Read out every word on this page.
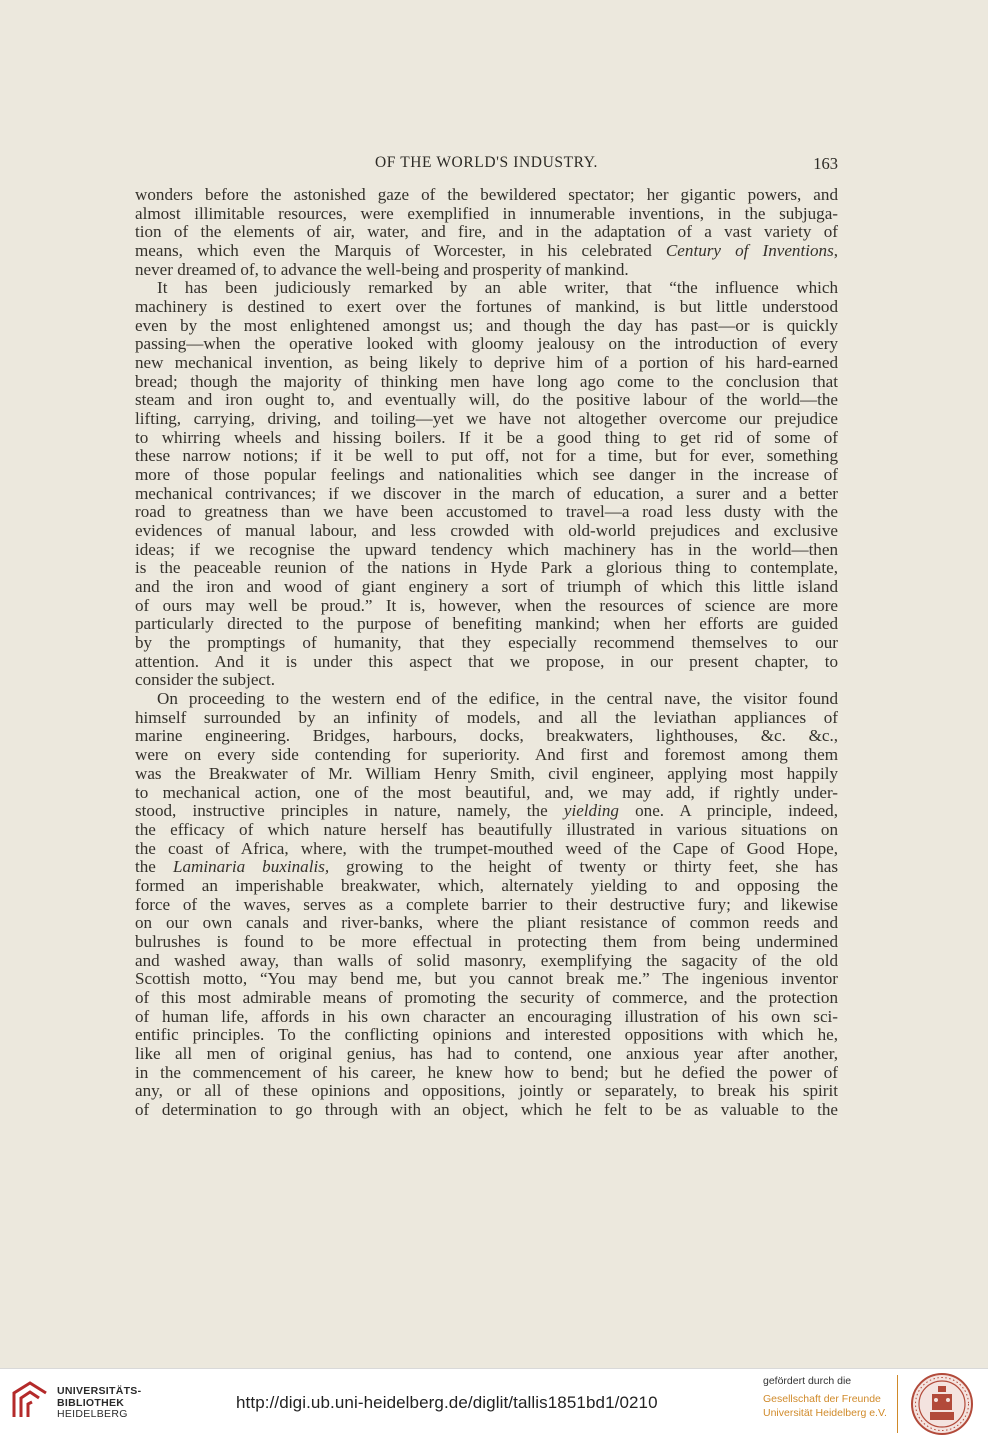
OF THE WORLD'S INDUSTRY.	163
wonders before the astonished gaze of the bewildered spectator; her gigantic powers, and
almost illimitable resources, were exemplified in innumerable inventions, in the subjuga-
tion of the elements of air, water, and fire, and in the adaptation of a vast variety of
means, which even the Marquis of Worcester, in his celebrated Century of Inventions,
never dreamed of, to advance the well-being and prosperity of mankind.
It has been judiciously remarked by an able writer, that “the influence which
machinery is destined to exert over the fortunes of mankind, is but little understood
even by the most enlightened amongst us; and though the day has past—or is quickly
passing—when the operative looked with gloomy jealousy on the introduction of every
new mechanical invention, as being likely to deprive him of a portion of his hard-earned
bread; though the majority of thinking men have long ago come to the conclusion that
steam and iron ought to, and eventually will, do the positive labour of the world—the
lifting, carrying, driving, and toiling—yet we have not altogether overcome our prejudice
to whirring wheels and hissing boilers. If it be a good thing to get rid of some of
these narrow notions; if it be well to put off, not for a time, but for ever, something
more of those popular feelings and nationalities which see danger in the increase of
mechanical contrivances; if we discover in the march of education, a surer and a better
road to greatness than we have been accustomed to travel—a road less dusty with the
evidences of manual labour, and less crowded with old-world prejudices and exclusive
ideas; if we recognise the upward tendency which machinery has in the world—then
is the peaceable reunion of the nations in Hyde Park a glorious thing to contemplate,
and the iron and wood of giant enginery a sort of triumph of which this little island
of ours may well be proud.” It is, however, when the resources of science are more
particularly directed to the purpose of benefiting mankind; when her efforts are guided
by the promptings of humanity, that they especially recommend themselves to our
attention. And it is under this aspect that we propose, in our present chapter, to
consider the subject.
On proceeding to the western end of the edifice, in the central nave, the visitor found
himself surrounded by an infinity of models, and all the leviathan appliances of
marine engineering. Bridges, harbours, docks, breakwaters, lighthouses, &c. &c.,
were on every side contending for superiority. And first and foremost among them
was the Breakwater of Mr. William Henry Smith, civil engineer, applying most happily
to mechanical action, one of the most beautiful, and, we may add, if rightly under-
stood, instructive principles in nature, namely, the yielding one. A principle, indeed,
the efficacy of which nature herself has beautifully illustrated in various situations on
the coast of Africa, where, with the trumpet-mouthed weed of the Cape of Good Hope,
the Laminaria buxinalis, growing to the height of twenty or thirty feet, she has
formed an imperishable breakwater, which, alternately yielding to and opposing the
force of the waves, serves as a complete barrier to their destructive fury; and likewise
on our own canals and river-banks, where the pliant resistance of common reeds and
bulrushes is found to be more effectual in protecting them from being undermined
and washed away, than walls of solid masonry, exemplifying the sagacity of the old
Scottish motto, “You may bend me, but you cannot break me.” The ingenious inventor
of this most admirable means of promoting the security of commerce, and the protection
of human life, affords in his own character an encouraging illustration of his own sci-
entific principles. To the conflicting opinions and interested oppositions with which he,
like all men of original genius, has had to contend, one anxious year after another,
in the commencement of his career, he knew how to bend; but he defied the power of
any, or all of these opinions and oppositions, jointly or separately, to break his spirit
of determination to go through with an object, which he felt to be as valuable to the
UNIVERSITÄTS-
BIBLIOTHEK
HEIDELBERG
http://digi.ub.uni-heidelberg.de/diglit/tallis1851bd1/0210
gefördert durch die
Gesellschaft der Freunde
Universität Heidelberg e.V.
